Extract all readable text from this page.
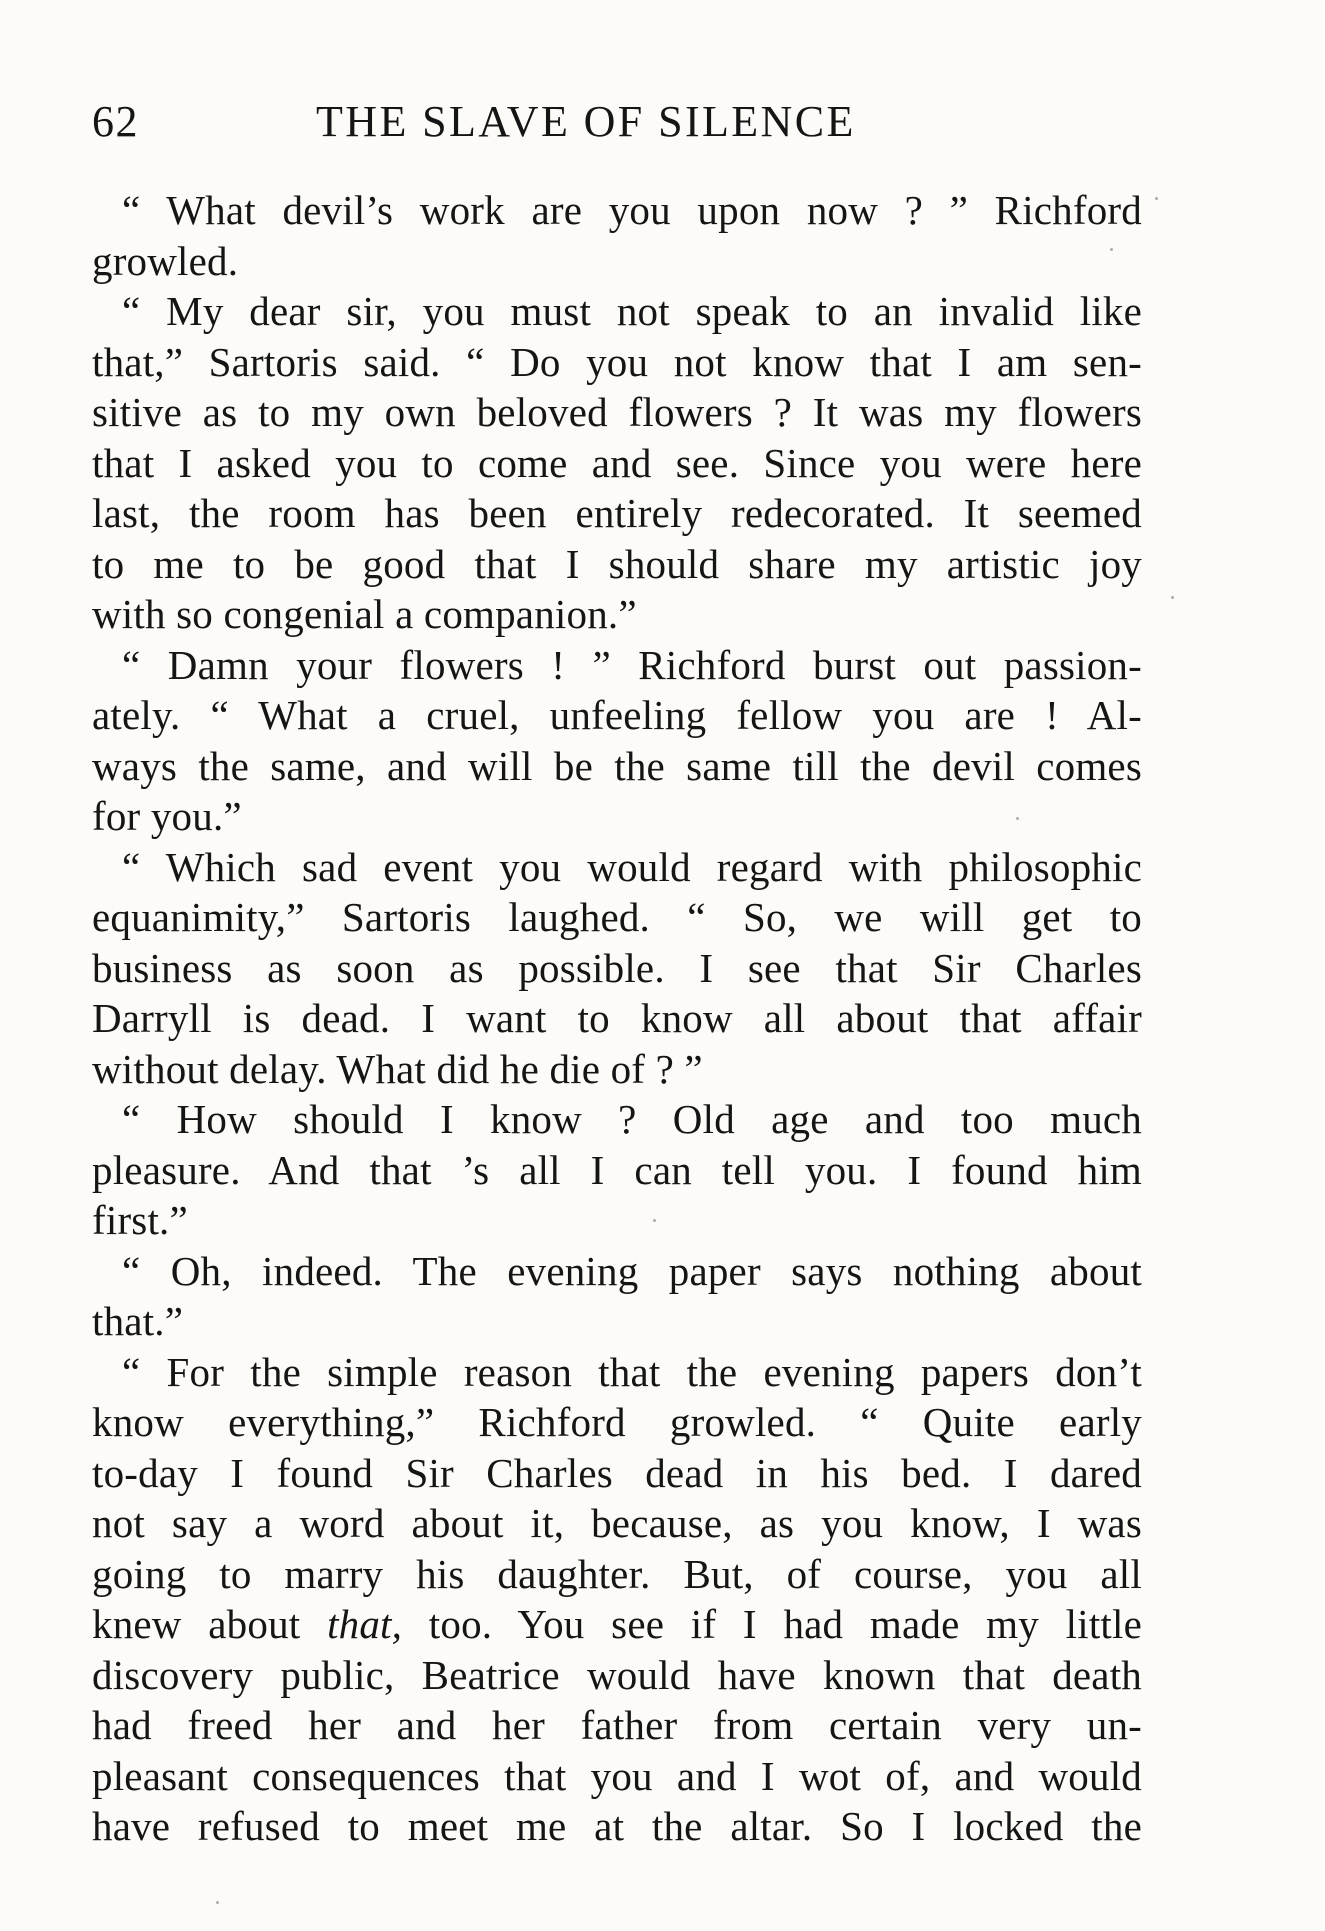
62	THE SLAVE OF SILENCE
“ What devil’s work are you upon now ? ” Richford
growled.
“ My dear sir, you must not speak to an invalid like
that,” Sartoris said. “ Do you not know that I am sen-
sitive as to my own beloved flowers ? It was my flowers
that I asked you to come and see. Since you were here
last, the room has been entirely redecorated. It seemed
to me to be good that I should share my artistic joy
with so congenial a companion.”
“ Damn your flowers ! ” Richford burst out passion-
ately. “ What a cruel, unfeeling fellow you are ! Al-
ways the same, and will be the same till the devil comes
for you.”
“ Which sad event you would regard with philosophic
equanimity,” Sartoris laughed. “ So, we will get to
business as soon as possible. I see that Sir Charles
Darryll is dead. I want to know all about that affair
without delay. What did he die of ? ”
“ How should I know ? Old age and too much
pleasure. And that ’s all I can tell you. I found him
first.”
“ Oh, indeed. The evening paper says nothing about
that.”
“ For the simple reason that the evening papers don’t
know everything,” Richford growled. “ Quite early
to-day I found Sir Charles dead in his bed. I dared
not say a word about it, because, as you know, I was
going to marry his daughter. But, of course, you all
knew about that, too. You see if I had made my little
discovery public, Beatrice would have known that death
had freed her and her father from certain very un-
pleasant consequences that you and I wot of, and would
have refused to meet me at the altar. So I locked the
